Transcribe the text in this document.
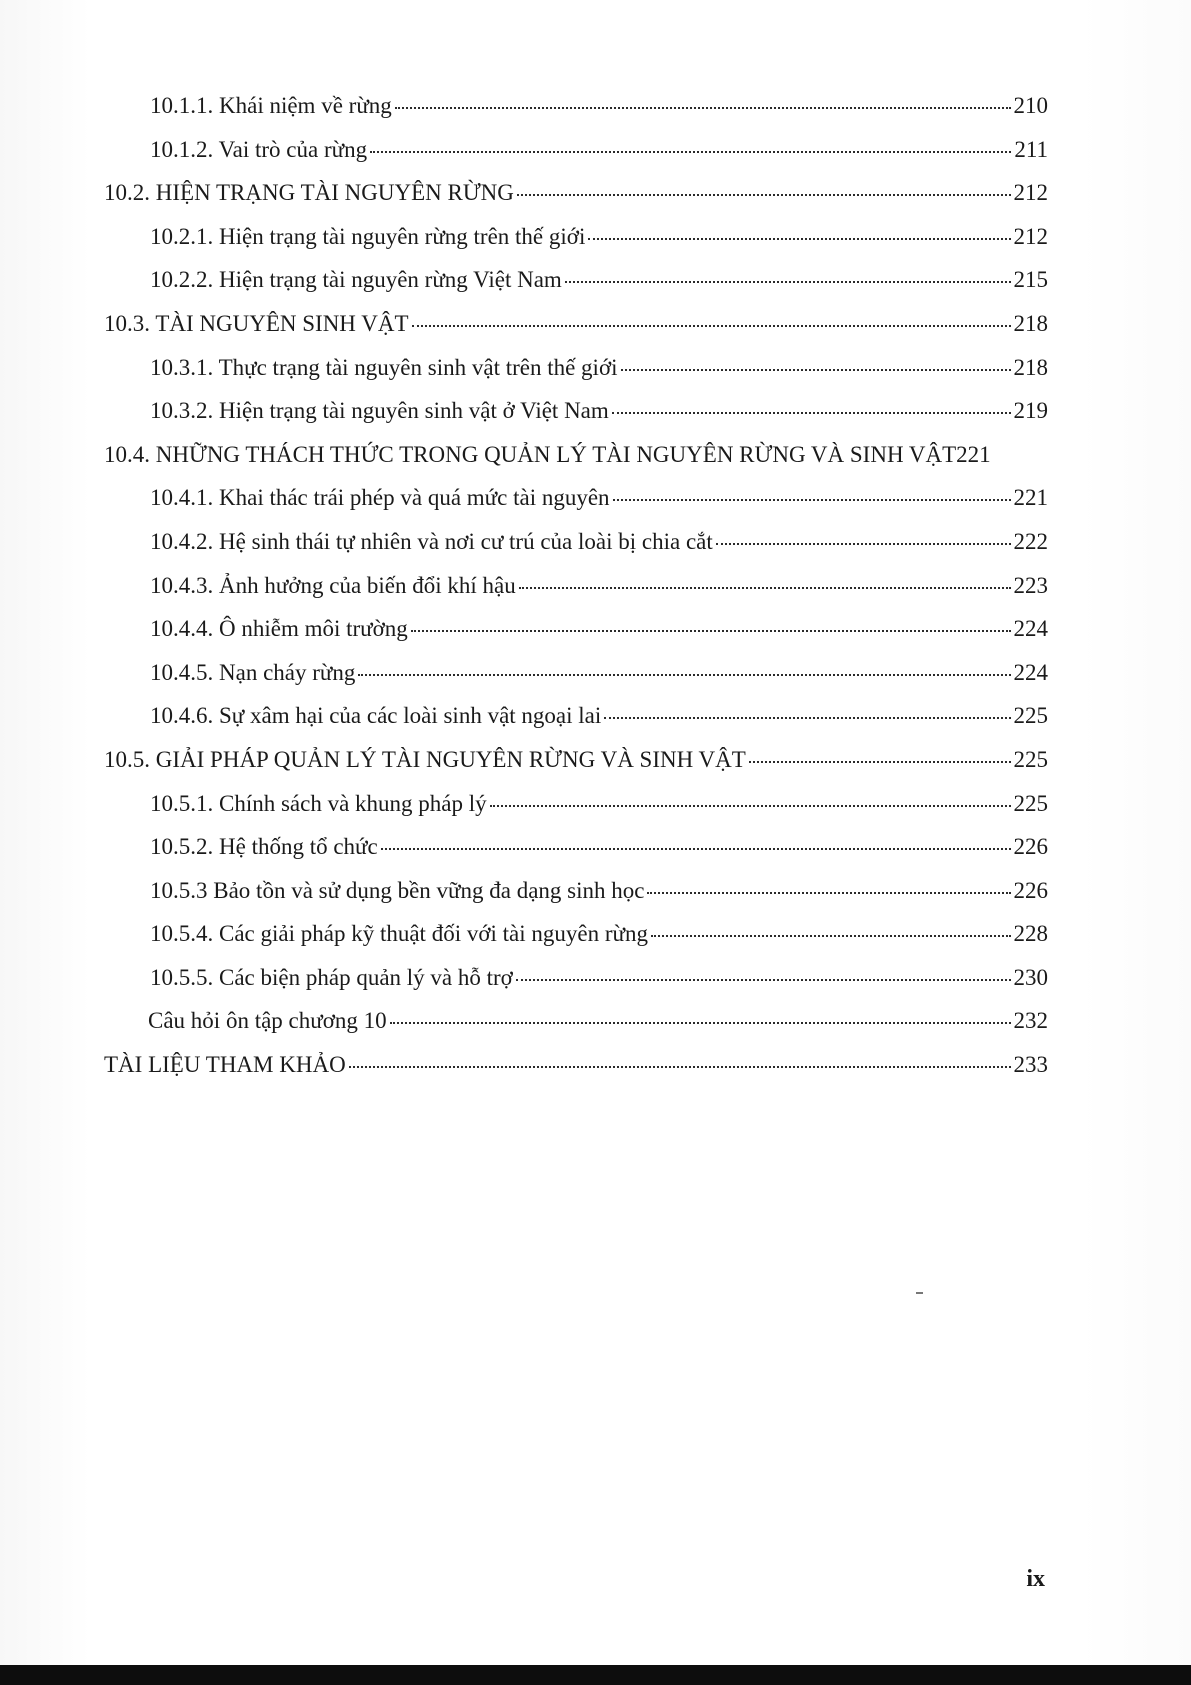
10.1.1. Khái niệm về rừng	210
10.1.2. Vai trò của rừng	211
10.2. HIỆN TRẠNG TÀI NGUYÊN RỪNG	212
10.2.1. Hiện trạng tài nguyên rừng trên thế giới	212
10.2.2. Hiện trạng tài nguyên rừng Việt Nam	215
10.3. TÀI NGUYÊN SINH VẬT	218
10.3.1. Thực trạng tài nguyên sinh vật trên thế giới	218
10.3.2. Hiện trạng tài nguyên sinh vật ở Việt Nam	219
10.4. NHỮNG THÁCH THỨC TRONG QUẢN LÝ TÀI NGUYÊN RỪNG VÀ SINH VẬT 221
10.4.1. Khai thác trái phép và quá mức tài nguyên	221
10.4.2. Hệ sinh thái tự nhiên và nơi cư trú của loài bị chia cắt	222
10.4.3. Ảnh hưởng của biến đổi khí hậu	223
10.4.4. Ô nhiễm môi trường	224
10.4.5. Nạn cháy rừng	224
10.4.6. Sự xâm hại của các loài sinh vật ngoại lai	225
10.5. GIẢI PHÁP QUẢN LÝ TÀI NGUYÊN RỪNG VÀ SINH VẬT	225
10.5.1. Chính sách và khung pháp lý	225
10.5.2. Hệ thống tổ chức	226
10.5.3 Bảo tồn và sử dụng bền vững đa dạng sinh học	226
10.5.4. Các giải pháp kỹ thuật đối với tài nguyên rừng	228
10.5.5. Các biện pháp quản lý và hỗ trợ	230
Câu hỏi ôn tập chương 10	232
TÀI LIỆU THAM KHẢO	233
ix
